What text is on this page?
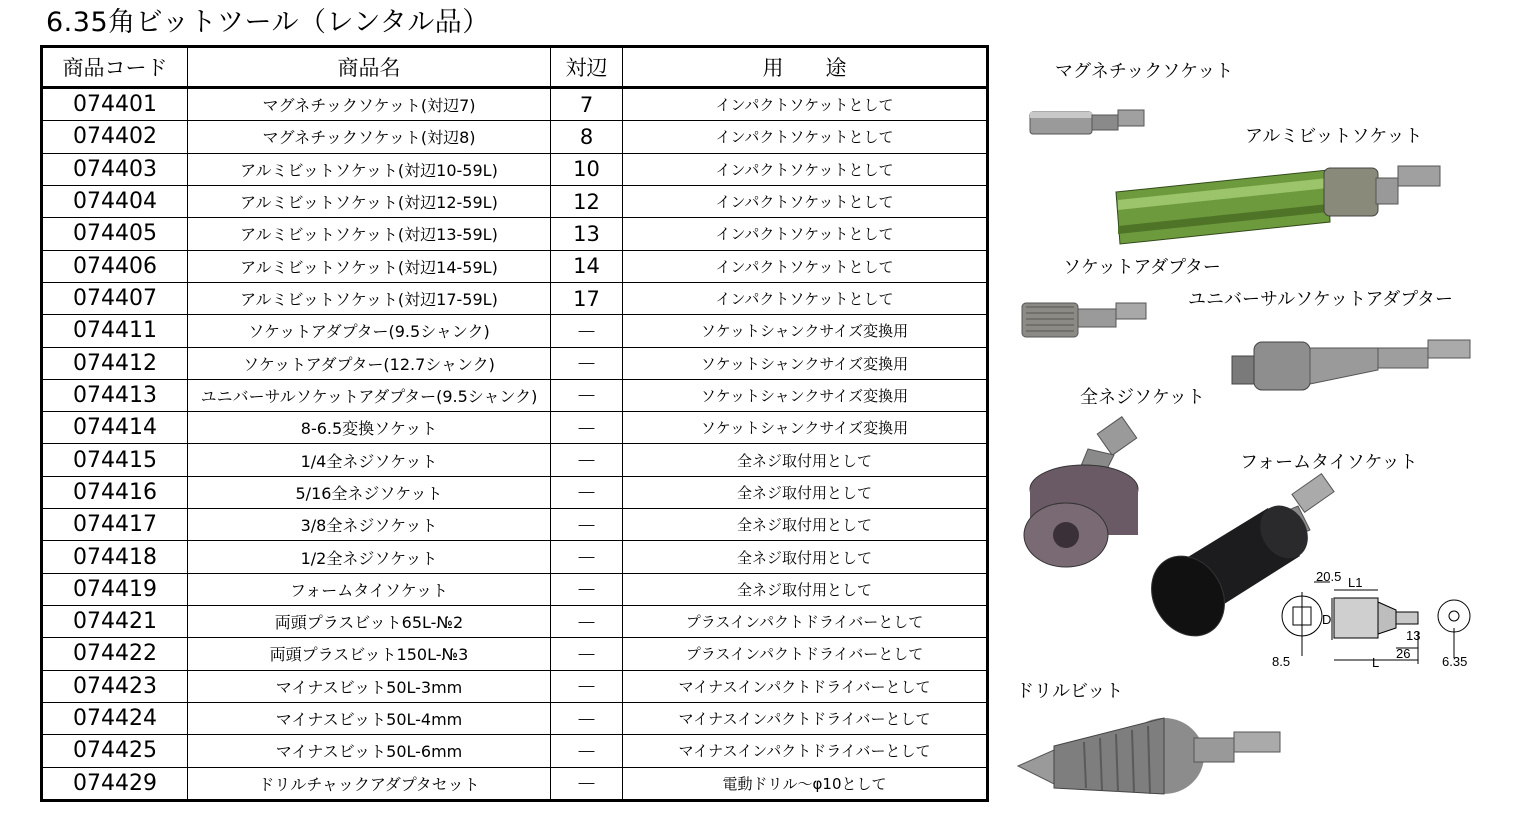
6.35角ビットツール（レンタル品）
商品コード	商品名	対辺	用　　途
074401	マグネチックソケット(対辺7)	7	インパクトソケットとして
074402	マグネチックソケット(対辺8)	8	インパクトソケットとして
074403	アルミビットソケット(対辺10-59L)	10	インパクトソケットとして
074404	アルミビットソケット(対辺12-59L)	12	インパクトソケットとして
074405	アルミビットソケット(対辺13-59L)	13	インパクトソケットとして
074406	アルミビットソケット(対辺14-59L)	14	インパクトソケットとして
074407	アルミビットソケット(対辺17-59L)	17	インパクトソケットとして
074411	ソケットアダプター(9.5シャンク)	－	ソケットシャンクサイズ変換用
074412	ソケットアダプター(12.7シャンク)	－	ソケットシャンクサイズ変換用
074413	ユニバーサルソケットアダプター(9.5シャンク)	－	ソケットシャンクサイズ変換用
074414	8-6.5変換ソケット	－	ソケットシャンクサイズ変換用
074415	1/4全ネジソケット	－	全ネジ取付用として
074416	5/16全ネジソケット	－	全ネジ取付用として
074417	3/8全ネジソケット	－	全ネジ取付用として
074418	1/2全ネジソケット	－	全ネジ取付用として
074419	フォームタイソケット	－	全ネジ取付用として
074421	両頭プラスビット65L-№2	－	プラスインパクトドライバーとして
074422	両頭プラスビット150L-№3	－	プラスインパクトドライバーとして
074423	マイナスビット50L-3mm	－	マイナスインパクトドライバーとして
074424	マイナスビット50L-4mm	－	マイナスインパクトドライバーとして
074425	マイナスビット50L-6mm	－	マイナスインパクトドライバーとして
074429	ドリルチャックアダプタセット	－	電動ドリル～φ10として
マグネチックソケット
アルミビットソケット
ソケットアダプター
ユニバーサルソケットアダプター
全ネジソケット
フォームタイソケット
ドリルビット
20.5 L1
D
13
8.5	L
26
6.35
